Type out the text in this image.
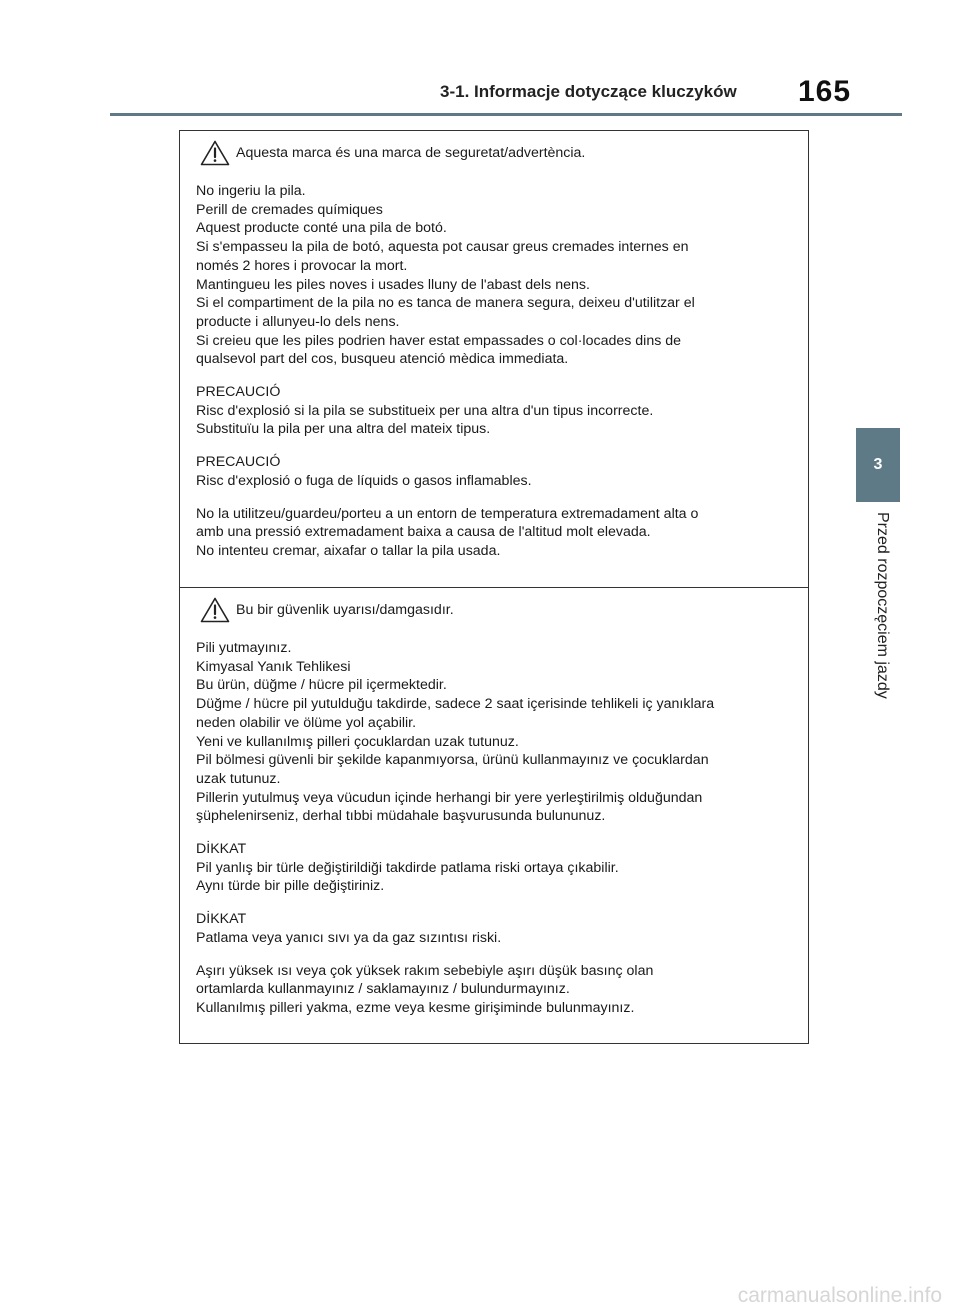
3-1. Informacje dotyczące kluczyków 165
3
Przed rozpoczęciem jazdy
Aquesta marca és una marca de seguretat/advertència.

No ingeriu la pila.

Perill de cremades químiques

Aquest producte conté una pila de botó.

Si s'empasseu la pila de botó, aquesta pot causar greus cremades internes en

només 2 hores i provocar la mort.

Mantingueu les piles noves i usades lluny de l'abast dels nens.

Si el compartiment de la pila no es tanca de manera segura, deixeu d'utilitzar el

producte i allunyeu-lo dels nens.

Si creieu que les piles podrien haver estat empassades o col·locades dins de

qualsevol part del cos, busqueu atenció mèdica immediata.

PRECAUCIÓ

Risc d'explosió si la pila se substitueix per una altra d'un tipus incorrecte.

Substituïu la pila per una altra del mateix tipus.

PRECAUCIÓ

Risc d'explosió o fuga de líquids o gasos inflamables.

No la utilitzeu/guardeu/porteu a un entorn de temperatura extremadament alta o

amb una pressió extremadament baixa a causa de l'altitud molt elevada.

No intenteu cremar, aixafar o tallar la pila usada.

Bu bir güvenlik uyarısı/damgasıdır.

Pili yutmayınız.

Kimyasal Yanık Tehlikesi

Bu ürün, düğme / hücre pil içermektedir.

Düğme / hücre pil yutulduğu takdirde, sadece 2 saat içerisinde tehlikeli iç yanıklara

neden olabilir ve ölüme yol açabilir.

Yeni ve kullanılmış pilleri çocuklardan uzak tutunuz.

Pil bölmesi güvenli bir şekilde kapanmıyorsa, ürünü kullanmayınız ve çocuklardan

uzak tutunuz.

Pillerin yutulmuş veya vücudun içinde herhangi bir yere yerleştirilmiş olduğundan

şüphelenirseniz, derhal tıbbi müdahale başvurusunda bulununuz.

DİKKAT

Pil yanlış bir türle değiştirildiği takdirde patlama riski ortaya çıkabilir.

Aynı türde bir pille değiştiriniz.

DİKKAT

Patlama veya yanıcı sıvı ya da gaz sızıntısı riski.

Aşırı yüksek ısı veya çok yüksek rakım sebebiyle aşırı düşük basınç olan

ortamlarda kullanmayınız / saklamayınız / bulundurmayınız.

Kullanılmış pilleri yakma, ezme veya kesme girişiminde bulunmayınız.

carmanualsonline.info
